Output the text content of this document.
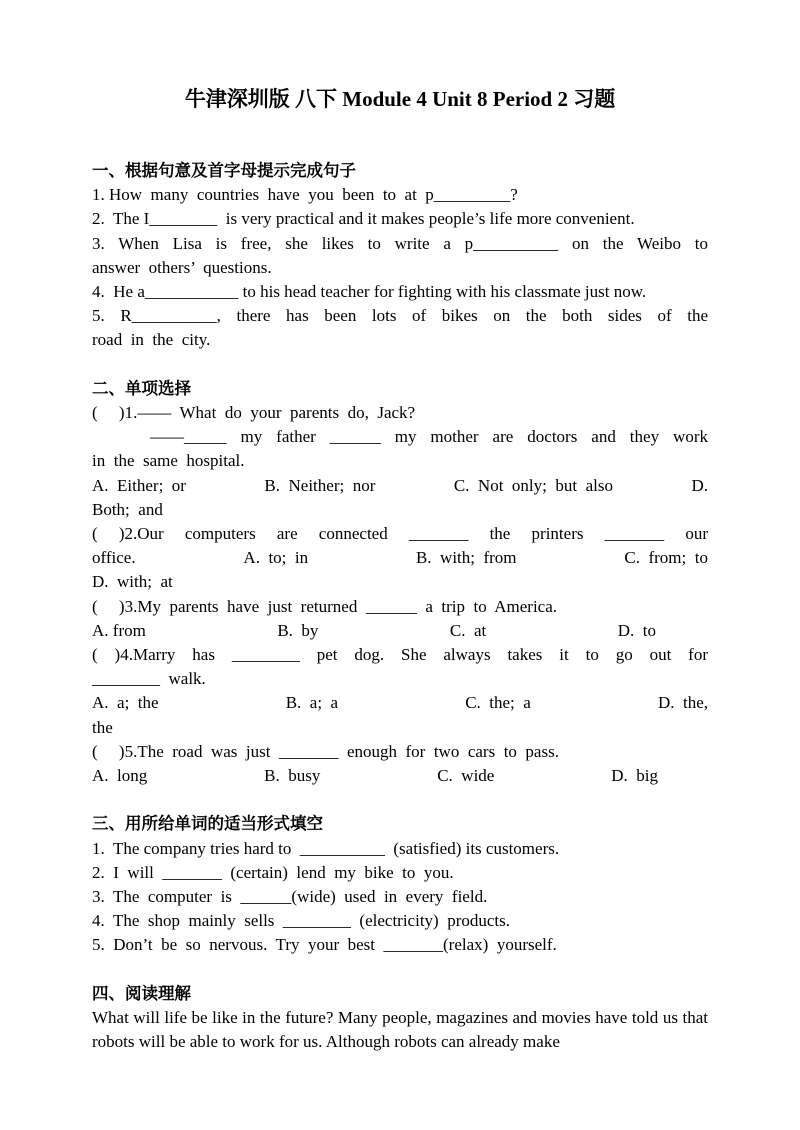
牛津深圳版 八下 Module 4 Unit 8 Period 2 习题

一、根据句意及首字母提示完成句子

1. How  many  countries  have  you  been  to  at  p_________?

2.  The I________  is very practical and it makes people’s life more convenient.

3. When Lisa is free, she likes to write a p__________ on the Weibo to

answer  others’  questions.

4.  He a___________ to his head teacher for fighting with his classmate just now.

5. R__________, there has been lots of bikes on the both sides of the

road  in  the  city.

二、单项选择

(     )1.——  What  do  your  parents  do,  Jack?

——_____ my father ______ my mother are doctors and they work

in  the  same  hospital.

A.  Either;  or	B.  Neither;  nor	C.  Not  only;  but  also	D.

Both;  and

( )2.Our computers are connected _______ the printers _______ our

office.	A.  to;  in	B.  with;  from	C.  from;  to

D.  with;  at

(     )3.My  parents  have  just  returned  ______  a  trip  to  America.

A. from	B.  by	C.  at	D.  to

( )4.Marry has ________ pet dog. She always takes it to go out for

________  walk.

A.  a;  the	B.  a;  a	C.  the;  a	D.  the,

the

(     )5.The  road  was  just  _______  enough  for  two  cars  to  pass.

A.  long	B.  busy	C.  wide	D.  big

三、用所给单词的适当形式填空

1.  The company tries hard to  __________  (satisfied) its customers.

2.  I  will  _______  (certain)  lend  my  bike  to  you.

3.  The  computer  is  ______(wide)  used  in  every  field.

4.  The  shop  mainly  sells  ________  (electricity)  products.

5.  Don’t  be  so  nervous.  Try  your  best  _______(relax)  yourself.

四、阅读理解

What will life be like in the future? Many people, magazines and movies have told us that robots will be able to work for us. Although robots can already make
